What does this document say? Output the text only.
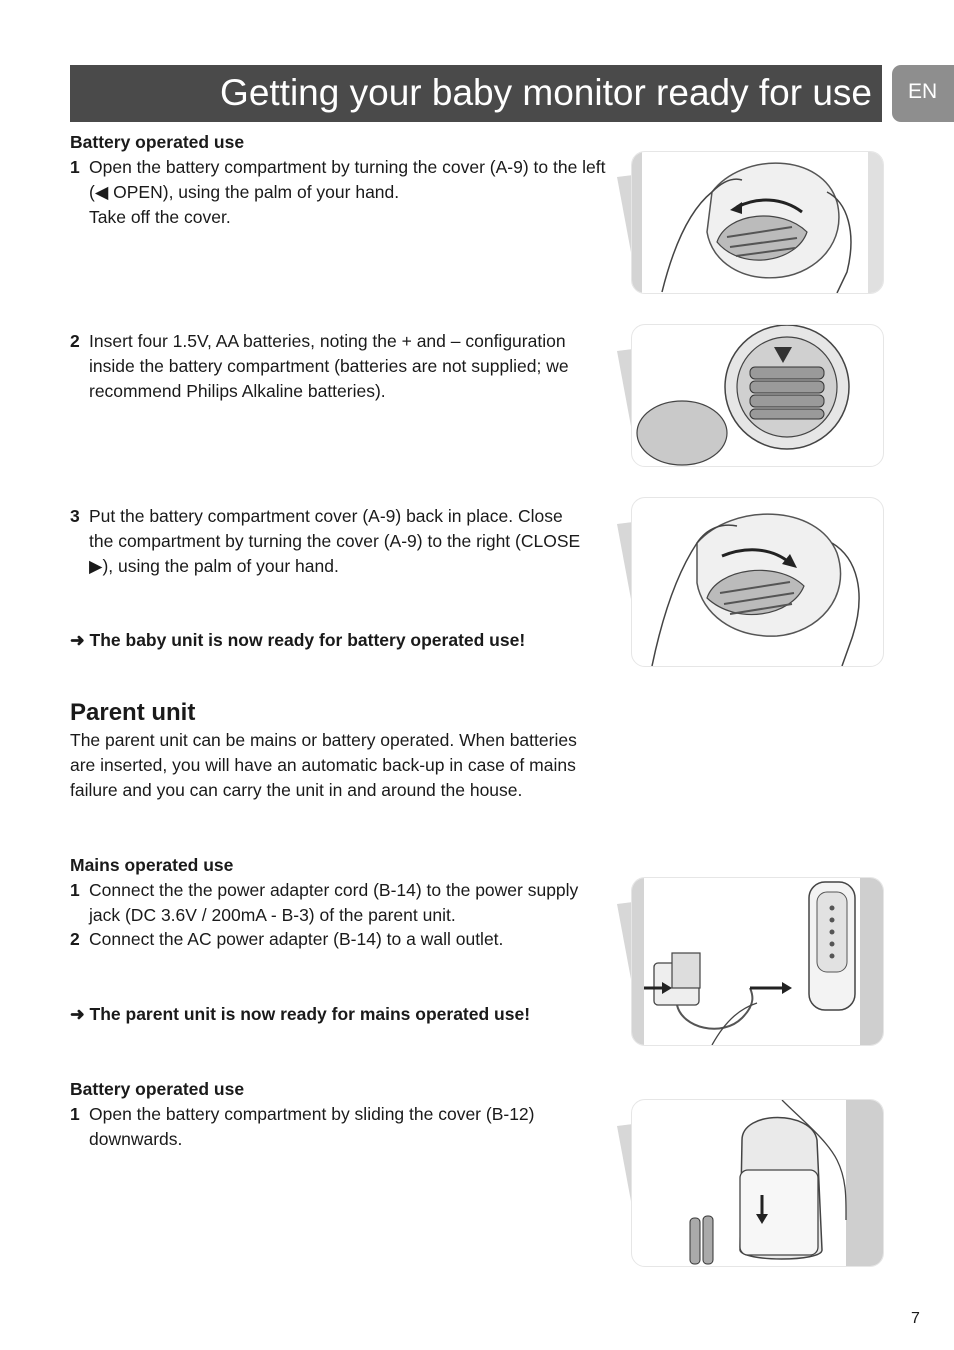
Getting your baby monitor ready for use EN
Battery operated use
1 Open the battery compartment by turning the cover (A-9) to the left (◀ OPEN), using the palm of your hand.
Take off the cover.
2 Insert four 1.5V, AA batteries, noting the + and – configuration inside the battery compartment (batteries are not supplied; we recommend Philips Alkaline batteries).
3 Put the battery compartment cover (A-9) back in place. Close the compartment by turning the cover (A-9) to the right (CLOSE ▶), using the palm of your hand.
➜ The baby unit is now ready for battery operated use!
Parent unit
The parent unit can be mains or battery operated. When batteries are inserted, you will have an automatic back-up in case of mains failure and you can carry the unit in and around the house.
Mains operated use
1 Connect the the power adapter cord (B-14) to the power supply jack (DC 3.6V / 200mA - B-3) of the parent unit.
2 Connect the AC power adapter (B-14) to a wall outlet.
➜ The parent unit is now ready for mains operated use!
Battery operated use
1 Open the battery compartment by sliding the cover (B-12) downwards.
7
